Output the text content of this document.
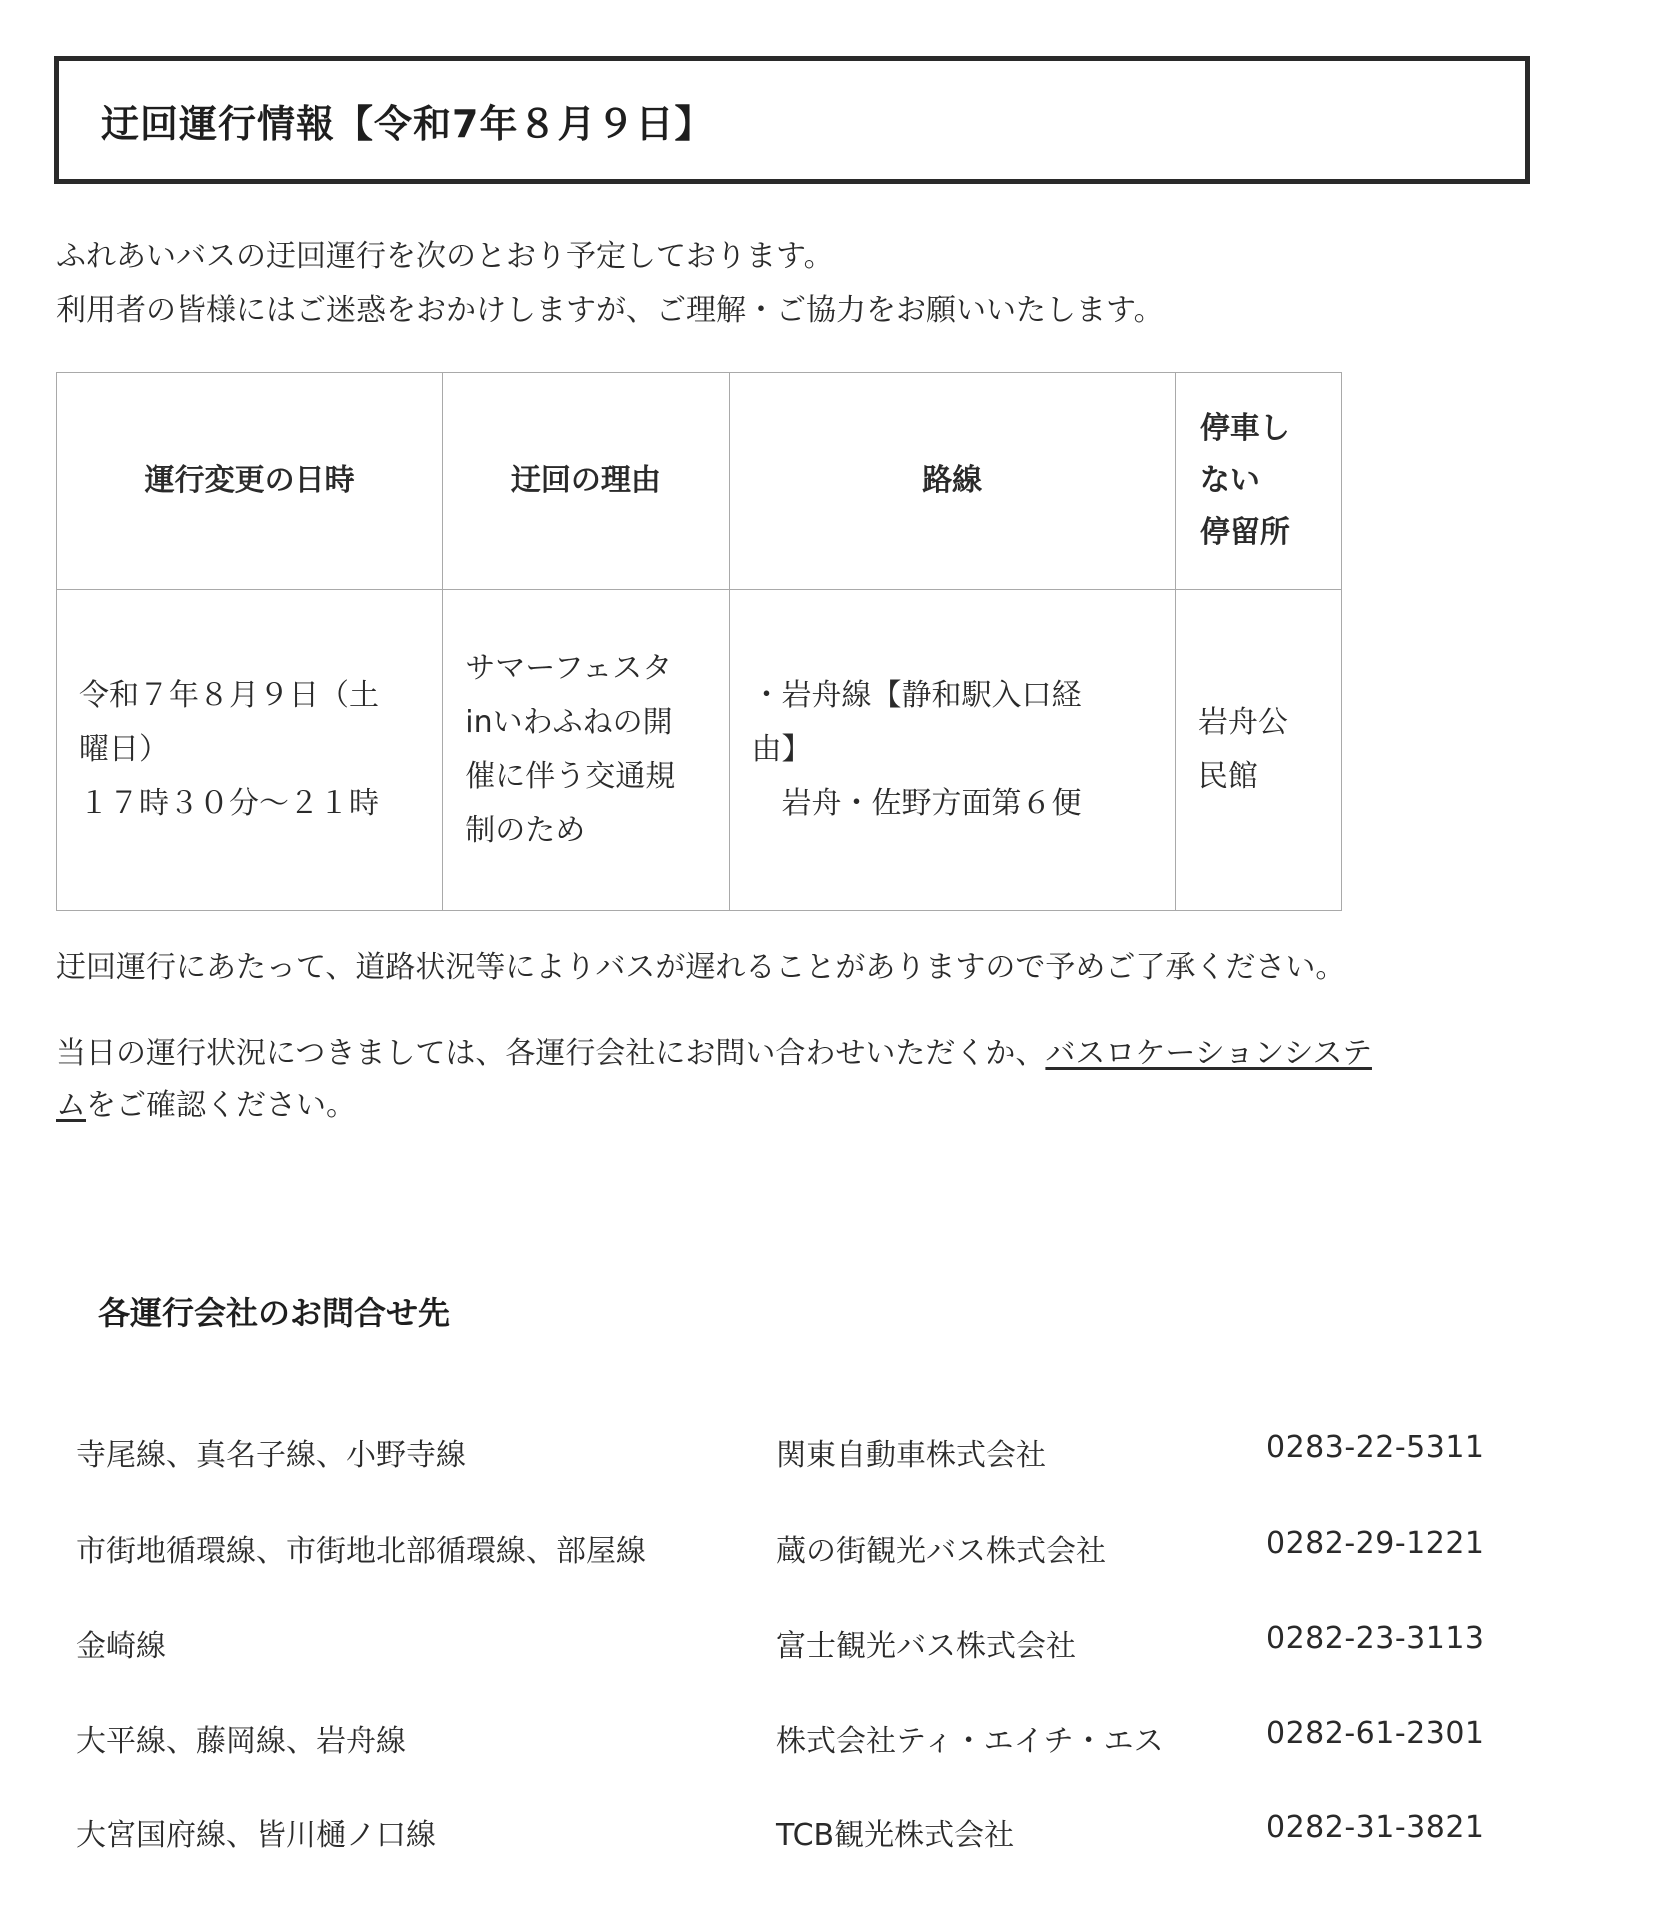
迂回運行情報【令和7年８月９日】

ふれあいバスの迂回運行を次のとおり予定しております。

利用者の皆様にはご迷惑をおかけしますが、ご理解・ご協力をお願いいたします。

運行変更の日時	迂回の理由	路線	停車し
ない
停留所

令和７年８月９日（土
曜日）
１７時３０分～２１時	サマーフェスタ
inいわふねの開
催に伴う交通規
制のため	・岩舟線【静和駅入口経
由】
岩舟・佐野方面第６便	岩舟公
民館
迂回運行にあたって、道路状況等によりバスが遅れることがありますので予めご了承ください。
当日の運行状況につきましては、各運行会社にお問い合わせいただくか、バスロケーションシステ
ムをご確認ください。
各運行会社のお問合せ先
寺尾線、真名子線、小野寺線	関東自動車株式会社	0283-22-5311
市街地循環線、市街地北部循環線、部屋線	蔵の街観光バス株式会社	0282-29-1221
金崎線	富士観光バス株式会社	0282-23-3113
大平線、藤岡線、岩舟線	株式会社ティ・エイチ・エス	0282-61-2301
大宮国府線、皆川樋ノ口線	TCB観光株式会社	0282-31-3821
